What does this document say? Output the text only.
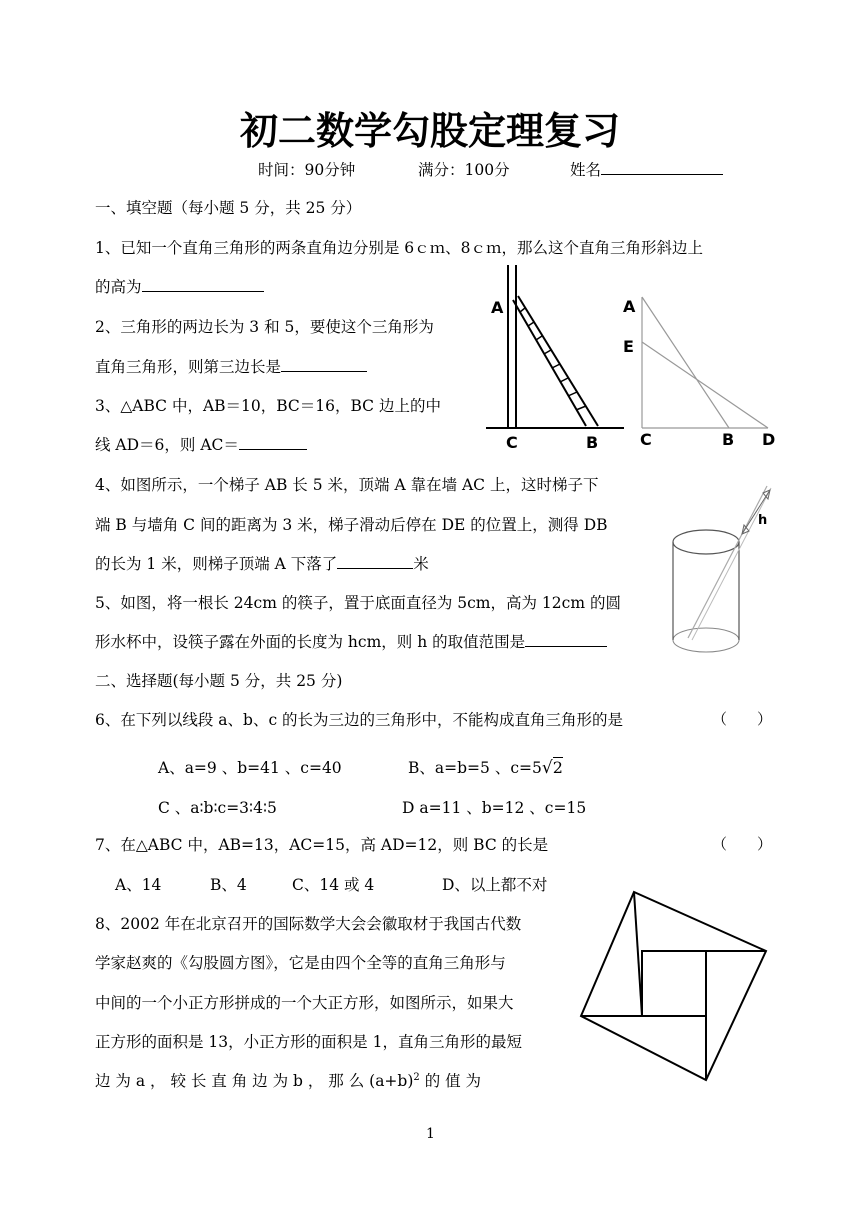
初二数学勾股定理复习
时间：90分钟	满分：100分	姓名
一、填空题（每小题 5 分，共 25 分）
1、已知一个直角三角形的两条直角边分别是 6ｃｍ、8ｃｍ，那么这个直角三角形斜边上
的高为
2、三角形的两边长为 3 和 5，要使这个三角形为
直角三角形，则第三边长是
3、△ABC 中，AB＝10，BC＝16，BC 边上的中
线 AD＝6，则 AC＝
4、如图所示，一个梯子 AB 长 5 米，顶端 A 靠在墙 AC 上，这时梯子下
端 B 与墙角 C 间的距离为 3 米，梯子滑动后停在 DE 的位置上，测得 DB
的长为 1 米，则梯子顶端 A 下落了	米
5、如图，将一根长 24cm 的筷子，置于底面直径为 5cm，高为 12cm 的圆
形水杯中，设筷子露在外面的长度为 hcm，则 h 的取值范围是
二、选择题(每小题 5 分，共 25 分)
6、在下列以线段 a、b、c 的长为三边的三角形中，不能构成直角三角形的是	（　　）
A、a=9 、b=41 、c=40	B、a=b=5 、c=5√2
C 、a∶b∶c=3∶4∶5	D a=11 、b=12 、c=15
7、在△ABC 中，AB=13，AC=15，高 AD=12，则 BC 的长是	（　　）
A、14	B、4	C、14 或 4	D、以上都不对
8、2002 年在北京召开的国际数学大会会徽取材于我国古代数
学家赵爽的《勾股圆方图》，它是由四个全等的直角三角形与
中间的一个小正方形拼成的一个大正方形，如图所示，如果大
正方形的面积是 13，小正方形的面积是 1，直角三角形的最短
边 为 a ， 较 长 直 角 边 为 b ， 那 么 $(a+b)^2$ 的 值 为
1
A
C	B
A
E
C	B D
h
